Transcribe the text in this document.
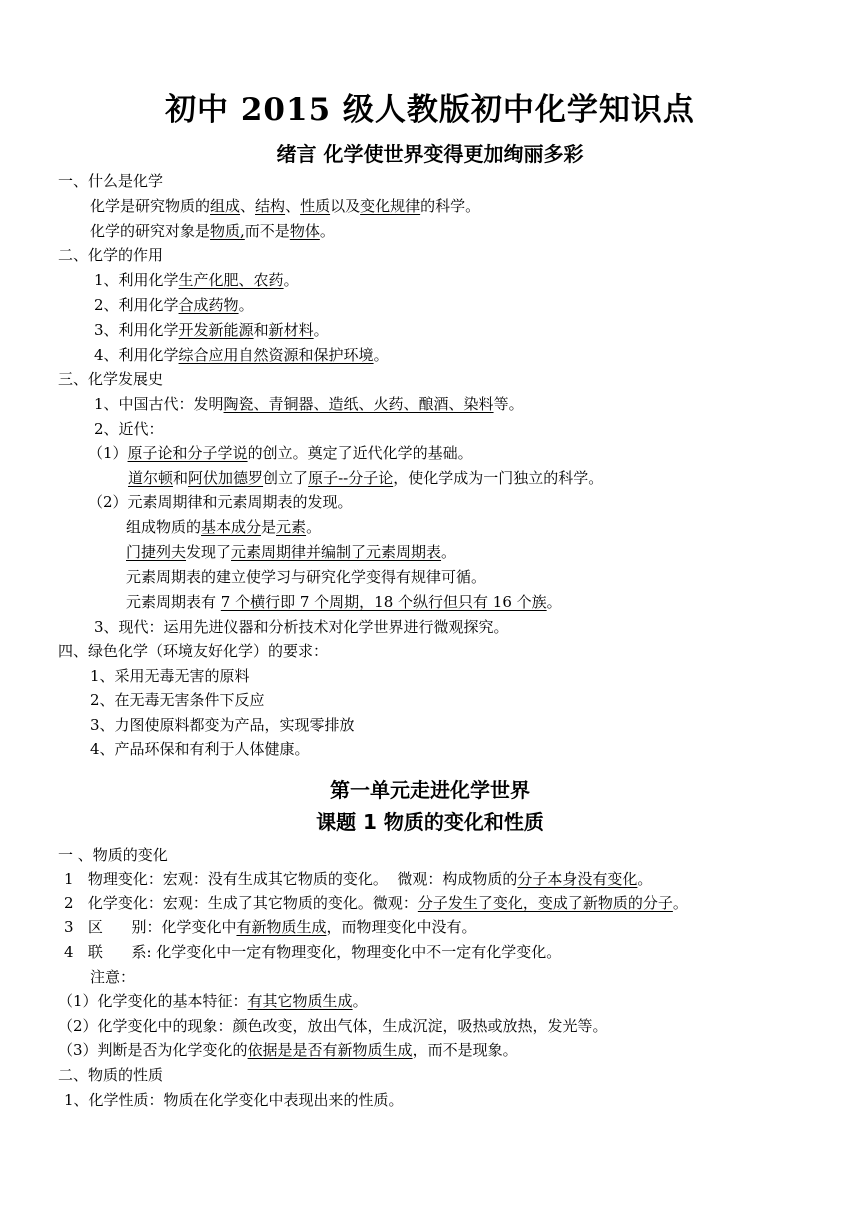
初中 2015 级人教版初中化学知识点
绪言 化学使世界变得更加绚丽多彩
第一单元走进化学世界
课题 1 物质的变化和性质
一、什么是化学
化学是研究物质的组成、结构、性质以及变化规律的科学。
化学的研究对象是物质,而不是物体。
二、化学的作用
1、利用化学生产化肥、农药。
2、利用化学合成药物。
3、利用化学开发新能源和新材料。
4、利用化学综合应用自然资源和保护环境。
三、化学发展史
1、中国古代：发明陶瓷、青铜器、造纸、火药、酿酒、染料等。
2、近代：
（1）原子论和分子学说的创立。奠定了近代化学的基础。
道尔顿和阿伏加德罗创立了原子--分子论，使化学成为一门独立的科学。
（2）元素周期律和元素周期表的发现。
组成物质的基本成分是元素。
门捷列夫发现了元素周期律并编制了元素周期表。
元素周期表的建立使学习与研究化学变得有规律可循。
元素周期表有 7 个横行即 7 个周期，18 个纵行但只有 16 个族。
3、现代：运用先进仪器和分析技术对化学世界进行微观探究。
四、绿色化学（环境友好化学）的要求：
1、采用无毒无害的原料
2、在无毒无害条件下反应
3、力图使原料都变为产品，实现零排放
4、产品环保和有利于人体健康。
一 、物质的变化
1   物理变化：宏观：没有生成其它物质的变化。  微观：构成物质的分子本身没有变化。
2   化学变化：宏观：生成了其它物质的变化。微观：分子发生了变化，变成了新物质的分子。
3   区      别：化学变化中有新物质生成，而物理变化中没有。
4   联      系: 化学变化中一定有物理变化，物理变化中不一定有化学变化。
注意：
（1）化学变化的基本特征：有其它物质生成。
（2）化学变化中的现象：颜色改变，放出气体，生成沉淀，吸热或放热，发光等。
（3）判断是否为化学变化的依据是是否有新物质生成，而不是现象。
二、物质的性质
1、化学性质：物质在化学变化中表现出来的性质。
